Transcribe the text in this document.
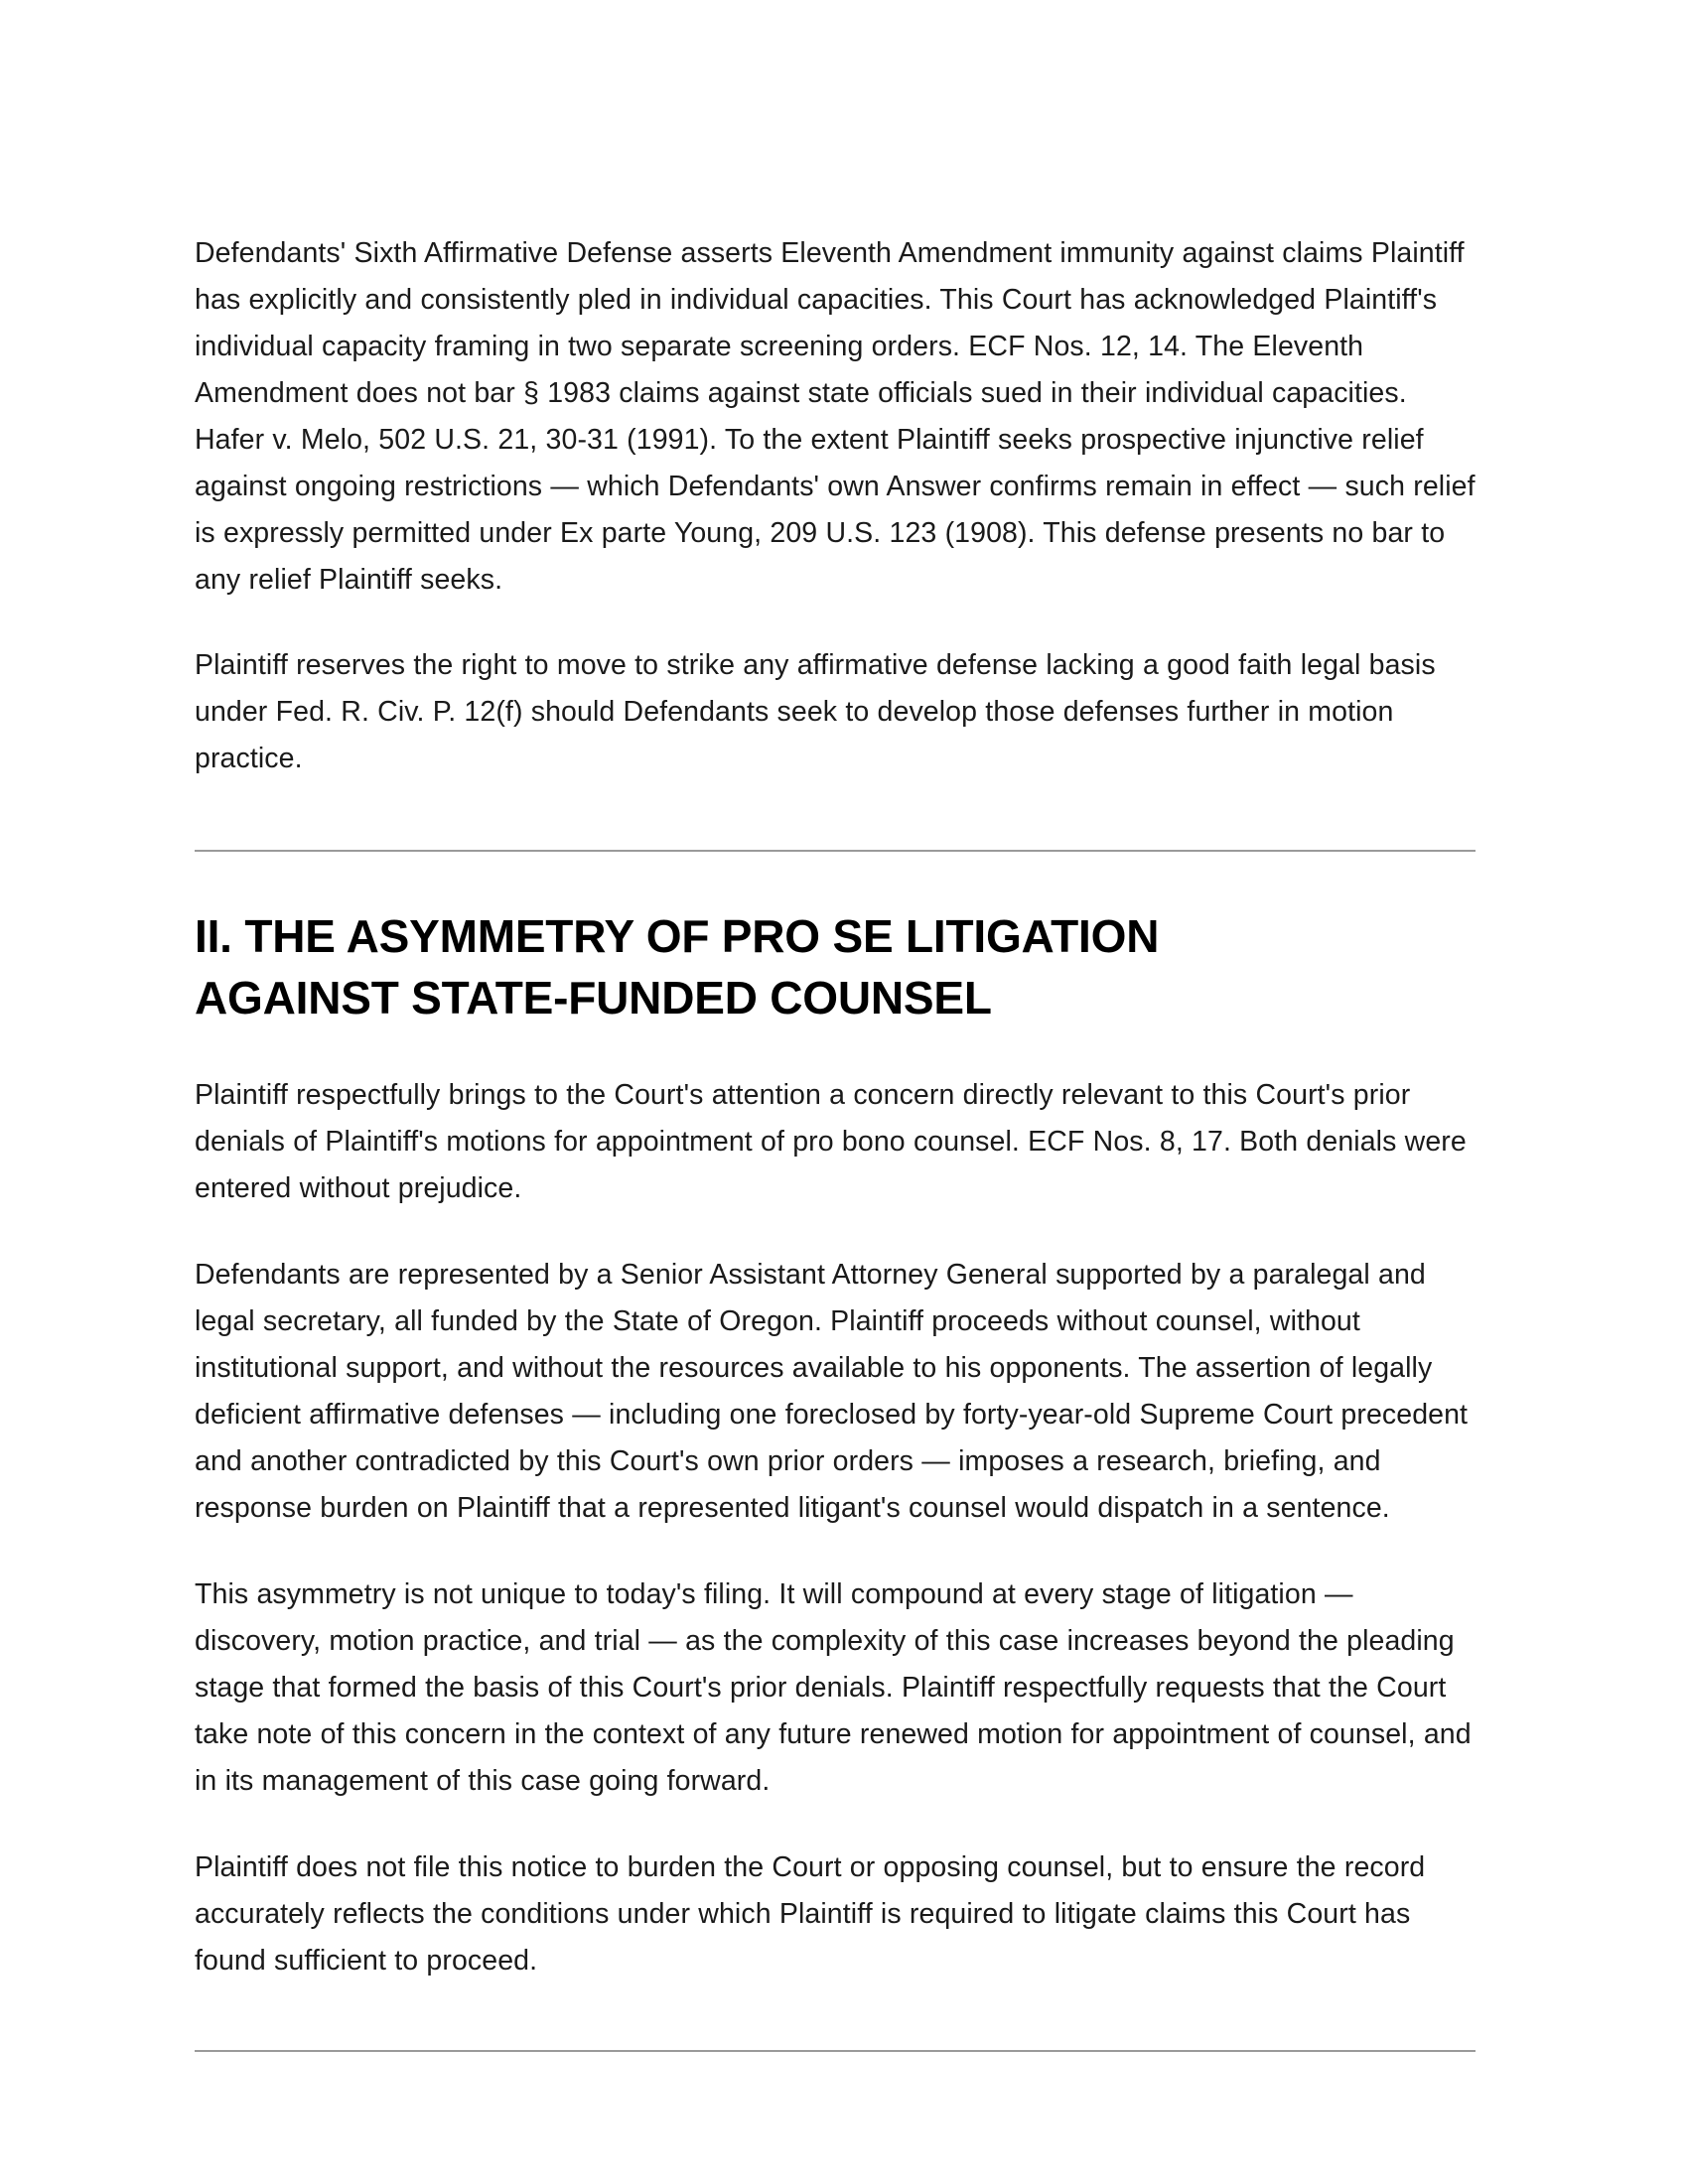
Defendants' Sixth Affirmative Defense asserts Eleventh Amendment immunity against claims Plaintiff has explicitly and consistently pled in individual capacities. This Court has acknowledged Plaintiff's individual capacity framing in two separate screening orders. ECF Nos. 12, 14. The Eleventh Amendment does not bar § 1983 claims against state officials sued in their individual capacities. Hafer v. Melo, 502 U.S. 21, 30-31 (1991). To the extent Plaintiff seeks prospective injunctive relief against ongoing restrictions — which Defendants' own Answer confirms remain in effect — such relief is expressly permitted under Ex parte Young, 209 U.S. 123 (1908). This defense presents no bar to any relief Plaintiff seeks.

Plaintiff reserves the right to move to strike any affirmative defense lacking a good faith legal basis under Fed. R. Civ. P. 12(f) should Defendants seek to develop those defenses further in motion practice.

II. THE ASYMMETRY OF PRO SE LITIGATION AGAINST STATE-FUNDED COUNSEL

Plaintiff respectfully brings to the Court's attention a concern directly relevant to this Court's prior denials of Plaintiff's motions for appointment of pro bono counsel. ECF Nos. 8, 17. Both denials were entered without prejudice.

Defendants are represented by a Senior Assistant Attorney General supported by a paralegal and legal secretary, all funded by the State of Oregon. Plaintiff proceeds without counsel, without institutional support, and without the resources available to his opponents. The assertion of legally deficient affirmative defenses — including one foreclosed by forty-year-old Supreme Court precedent and another contradicted by this Court's own prior orders — imposes a research, briefing, and response burden on Plaintiff that a represented litigant's counsel would dispatch in a sentence.

This asymmetry is not unique to today's filing. It will compound at every stage of litigation — discovery, motion practice, and trial — as the complexity of this case increases beyond the pleading stage that formed the basis of this Court's prior denials. Plaintiff respectfully requests that the Court take note of this concern in the context of any future renewed motion for appointment of counsel, and in its management of this case going forward.

Plaintiff does not file this notice to burden the Court or opposing counsel, but to ensure the record accurately reflects the conditions under which Plaintiff is required to litigate claims this Court has found sufficient to proceed.
